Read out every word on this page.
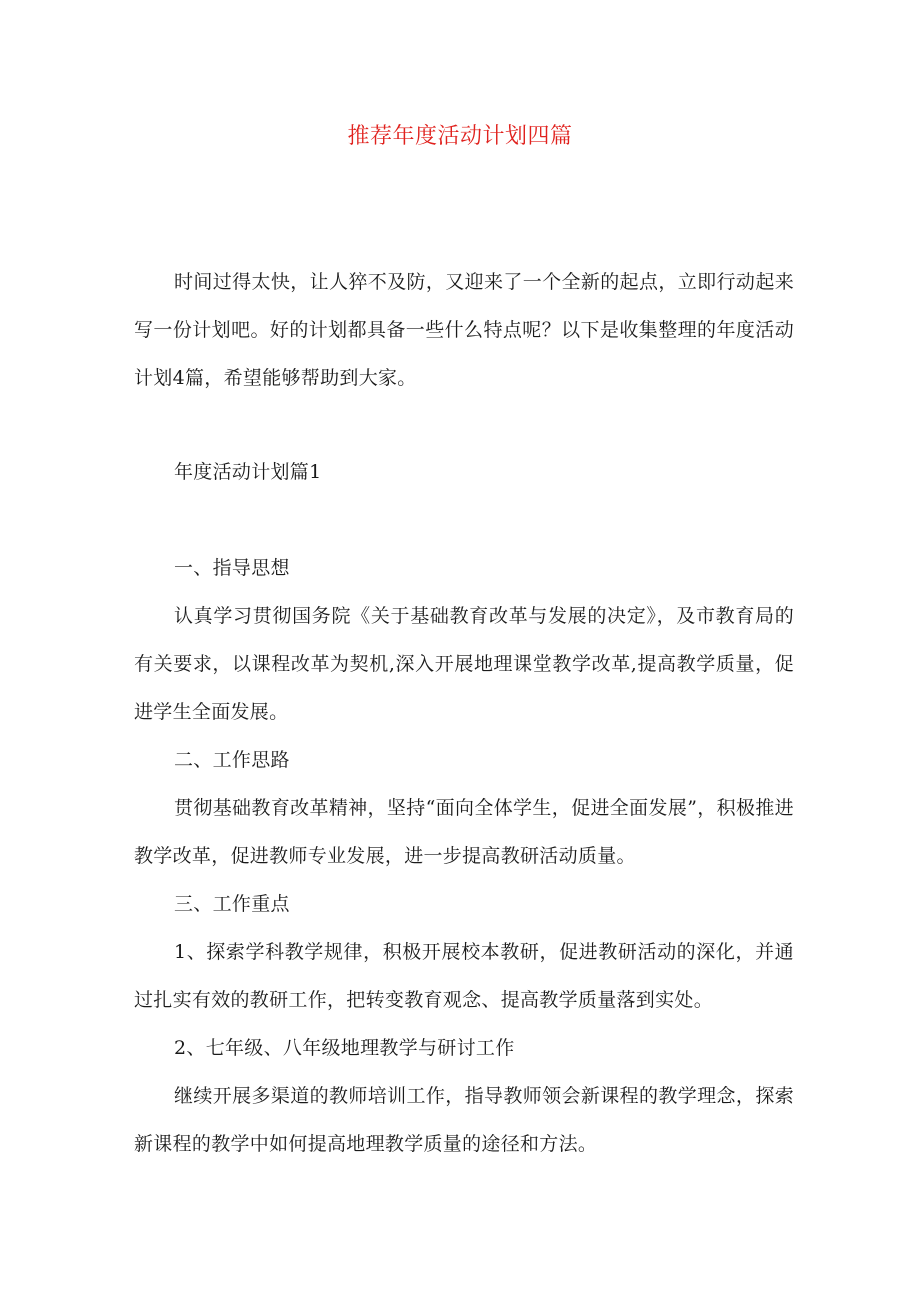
推荐年度活动计划四篇

时间过得太快，让人猝不及防，又迎来了一个全新的起点，立即行动起来写一份计划吧。好的计划都具备一些什么特点呢？以下是收集整理的年度活动计划4篇，希望能够帮助到大家。

年度活动计划篇1

一、指导思想

认真学习贯彻国务院《关于基础教育改革与发展的决定》，及市教育局的有关要求，以课程改革为契机,深入开展地理课堂教学改革,提高教学质量，促进学生全面发展。

二、工作思路

贯彻基础教育改革精神，坚持“面向全体学生，促进全面发展”，积极推进教学改革，促进教师专业发展，进一步提高教研活动质量。

三、工作重点

1、探索学科教学规律，积极开展校本教研，促进教研活动的深化，并通过扎实有效的教研工作，把转变教育观念、提高教学质量落到实处。

2、七年级、八年级地理教学与研讨工作

继续开展多渠道的教师培训工作，指导教师领会新课程的教学理念，探索新课程的教学中如何提高地理教学质量的途径和方法。
